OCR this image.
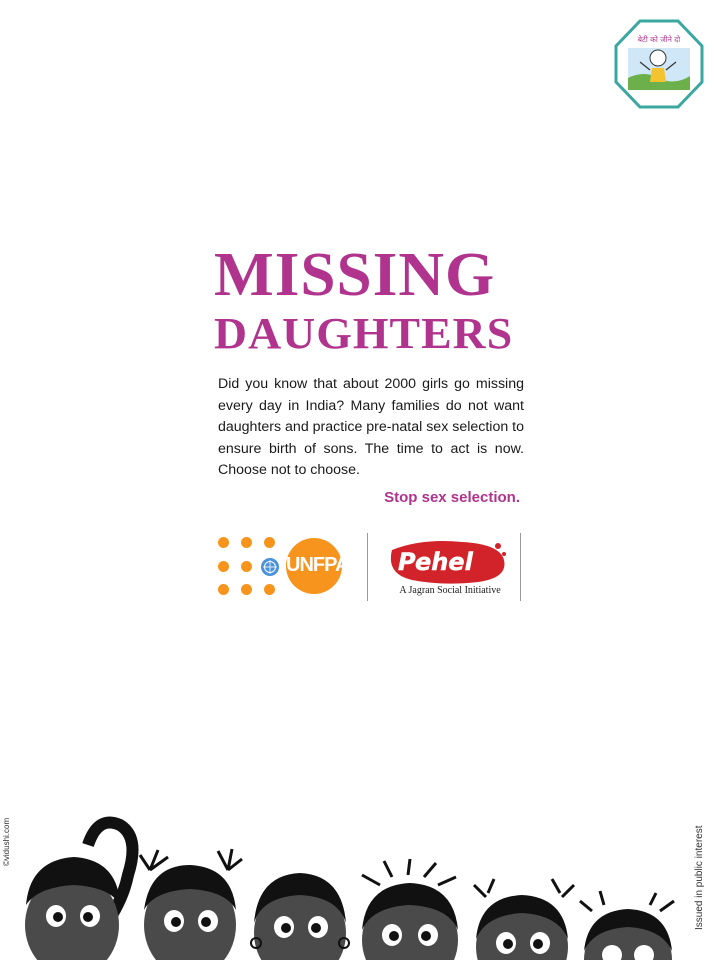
बेटी को जीने दो
MISSING
DAUGHTERS

Did you know that about 2000 girls go missing every day in India? Many families do not want daughters and practice pre-natal sex selection to ensure birth of sons. The time to act is now. Choose not to choose.

Stop sex selection.
UNFPA Pehel
A Jagran Social Initiative
©vidushi.com	Issued in public interest
